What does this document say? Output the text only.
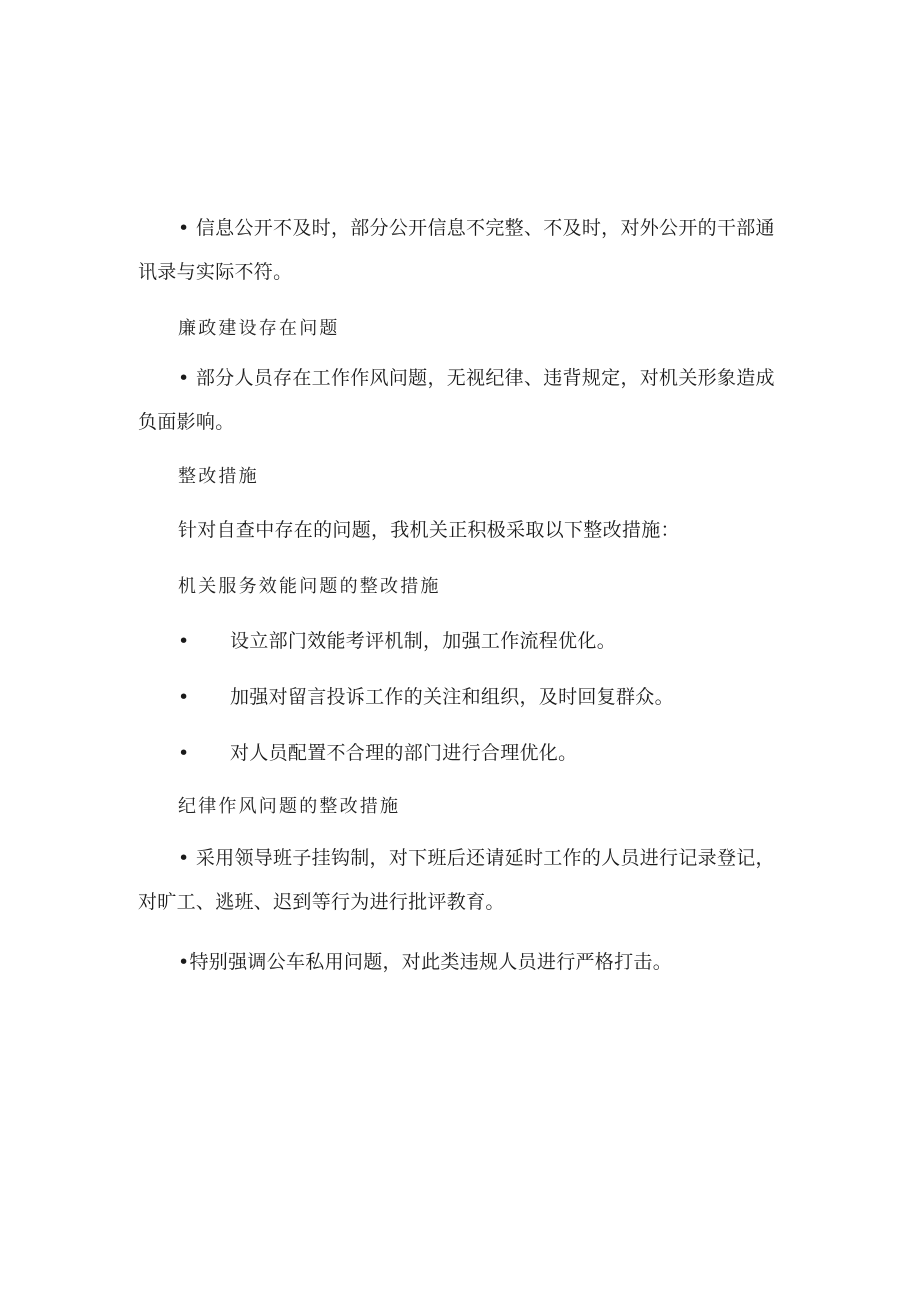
• 信息公开不及时，部分公开信息不完整、不及时，对外公开的干部通讯录与实际不符。
廉政建设存在问题
• 部分人员存在工作作风问题，无视纪律、违背规定，对机关形象造成负面影响。
整改措施
针对自查中存在的问题，我机关正积极采取以下整改措施：
机关服务效能问题的整改措施
• 设立部门效能考评机制，加强工作流程优化。
• 加强对留言投诉工作的关注和组织，及时回复群众。
• 对人员配置不合理的部门进行合理优化。
纪律作风问题的整改措施
• 采用领导班子挂钩制，对下班后还请延时工作的人员进行记录登记，对旷工、逃班、迟到等行为进行批评教育。
•特别强调公车私用问题，对此类违规人员进行严格打击。
